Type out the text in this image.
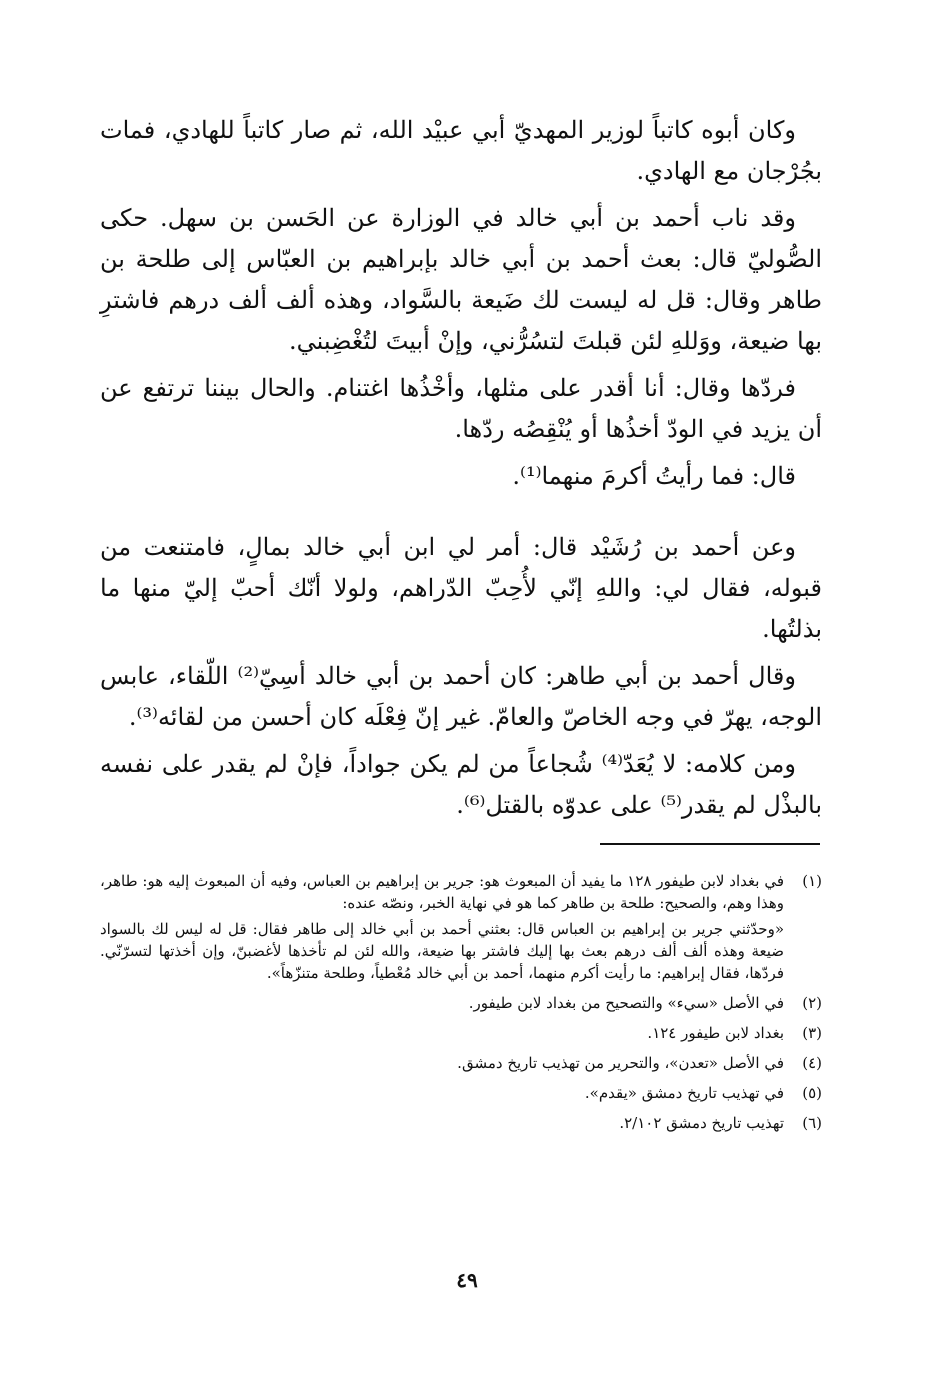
وكان أبوه كاتباً لوزير المهديّ أبي عبيْد الله، ثم صار كاتباً للهادي، فمات بجُرْجان مع الهادي.

وقد ناب أحمد بن أبي خالد في الوزارة عن الحَسن بن سهل. حكى الصُّوليّ قال: بعث أحمد بن أبي خالد بإبراهيم بن العبّاس إلى طلحة بن طاهر وقال: قل له ليست لك ضَيعة بالسَّواد، وهذه ألف ألف درهم فاشترِ بها ضيعة، ووَللهِ لئن قبلتَ لتسُرُّني، وإنْ أبيتَ لتُغْضِبني.

فردّها وقال: أنا أقدر على مثلها، وأخْذُها اغتنام. والحال بيننا ترتفع عن أن يزيد في الودّ أخذُها أو يُنْقِصُه ردّها.

قال: فما رأيتُ أكرمَ منهما⁽¹⁾.

وعن أحمد بن رُشَيْد قال: أمر لي ابن أبي خالد بمالٍ، فامتنعت من قبوله، فقال لي: واللهِ إنّي لأُحِبّ الدّراهم، ولولا أنّك أحبّ إليّ منها ما بذلتُها.

وقال أحمد بن أبي طاهر: كان أحمد بن أبي خالد أسِيّ⁽²⁾ اللّقاء، عابس الوجه، يهرّ في وجه الخاصّ والعامّ. غير إنّ فِعْلَه كان أحسن من لقائه⁽³⁾.

ومن كلامه: لا يُعَدّ⁽⁴⁾ شُجاعاً من لم يكن جواداً، فإنْ لم يقدر على نفسه بالبذْل لم يقدر⁽⁵⁾ على عدوّه بالقتل⁽⁶⁾.

(١)

في بغداد لابن طيفور ١٢٨ ما يفيد أن المبعوث هو: جرير بن إبراهيم بن العباس، وفيه أن المبعوث إليه هو: طاهر، وهذا وهم، والصحيح: طلحة بن طاهر كما هو في نهاية الخبر، ونصّه عنده:

«وحدّثني جرير بن إبراهيم بن العباس قال: بعثني أحمد بن أبي خالد إلى طاهر فقال: قل له ليس لك بالسواد ضيعة وهذه ألف ألف درهم بعث بها إليك فاشتر بها ضيعة، والله لئن لم تأخذها لأغضبنّ، وإن أخذتها لتسرّنّي. فردّها، فقال إبراهيم: ما رأيت أكرم منهما، أحمد بن أبي خالد مُعْطياً، وطلحة متنزّهاً».

(٢)

في الأصل «سيء» والتصحيح من بغداد لابن طيفور.

(٣)

بغداد لابن طيفور ١٢٤.

(٤)

في الأصل «تعدن»، والتحرير من تهذيب تاريخ دمشق.

(٥)

في تهذيب تاريخ دمشق «يقدم».

(٦)

تهذيب تاريخ دمشق ٢/١٠٢.

٤٩
